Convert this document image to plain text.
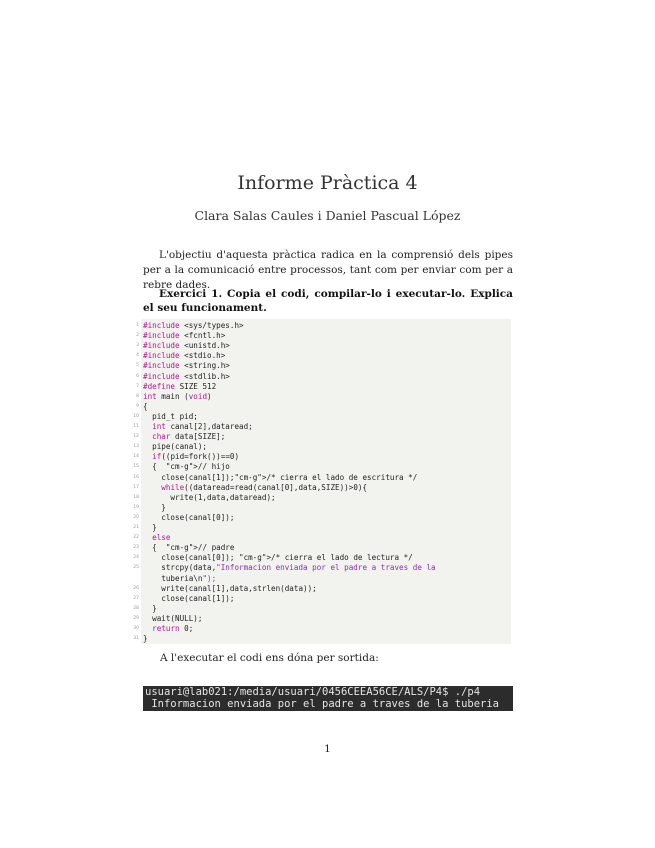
Informe Pràctica 4
Clara Salas Caules i Daniel Pascual López
L'objectiu d'aquesta pràctica radica en la comprensió dels pipes per a la comunicació entre processos, tant com per enviar com per a rebre dades.
Exercici 1. Copia el codi, compilar-lo i executar-lo. Explica el seu funcionament.
1 #include <sys/types.h>
2 #include <fcntl.h>
3 #include <unistd.h>
4 #include <stdio.h>
5 #include <string.h>
6 #include <stdlib.h>
7 #define SIZE 512
8 int main (void)
9 {
10 pid_t pid;
11	int canal[2],dataread;
12	char data[SIZE];
13 pipe(canal);
14	if((pid=fork())==0)
15 {  "cm-g">// hijo
16 close(canal[1]);"cm-g">/* cierra el lado de escritura */
17	while((dataread=read(canal[0],data,SIZE))>0){
18 write(1,data,dataread);
19 }
20 close(canal[0]);
21 }
22	else
23 {  "cm-g">// padre
24 close(canal[0]); "cm-g">/* cierra el lado de lectura */
25 strcpy(data,"Informacion enviada por el padre a traves de la
tuberia\n");
26 write(canal[1],data,strlen(data));
27 close(canal[1]);
28 }
29 wait(NULL);
30	return 0;
31 }
A l'executar el codi ens dóna per sortida:
usuari@lab021:/media/usuari/0456CEEA56CE/ALS/P4$ ./p4
Informacion enviada por el padre a traves de la tuberia
1
